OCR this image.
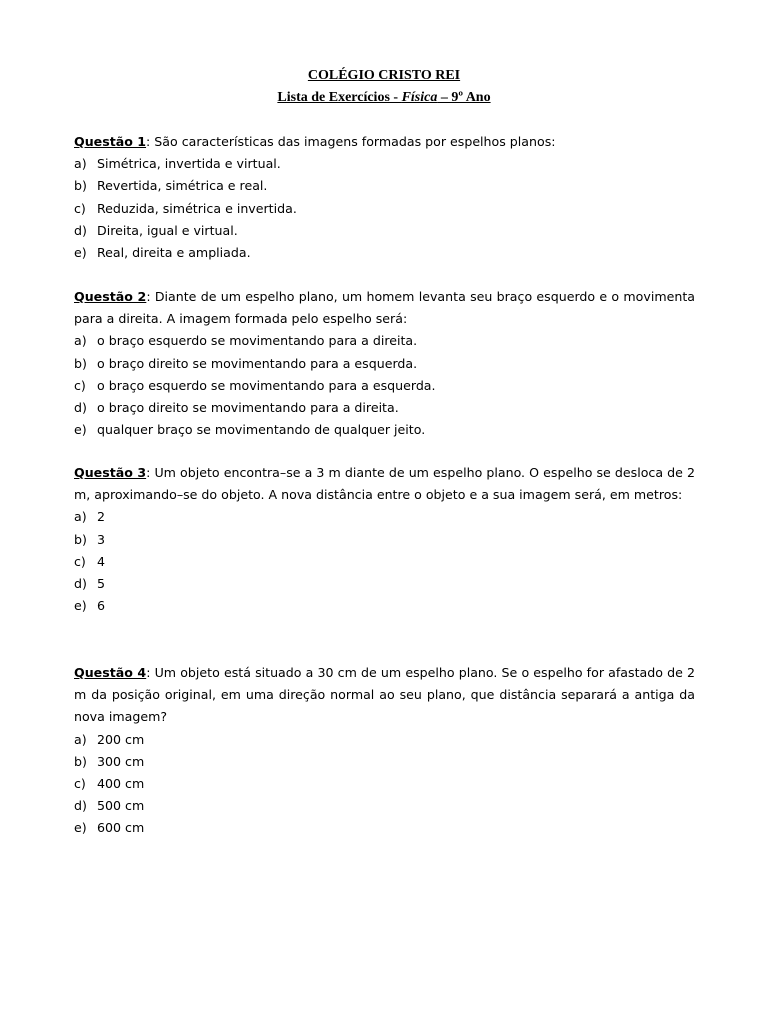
COLÉGIO CRISTO REI
Lista de Exercícios - Física – 9º Ano

Questão 1: São características das imagens formadas por espelhos planos:

a) Simétrica, invertida e virtual.
b) Revertida, simétrica e real.
c) Reduzida, simétrica e invertida.
d) Direita, igual e virtual.
e) Real, direita e ampliada.

Questão 2: Diante de um espelho plano, um homem levanta seu braço esquerdo e o movimenta para a direita. A imagem formada pelo espelho será:

a) o braço esquerdo se movimentando para a direita.
b) o braço direito se movimentando para a esquerda.
c) o braço esquerdo se movimentando para a esquerda.
d) o braço direito se movimentando para a direita.
e) qualquer braço se movimentando de qualquer jeito.

Questão 3: Um objeto encontra–se a 3 m diante de um espelho plano. O espelho se desloca de 2 m, aproximando–se do objeto. A nova distância entre o objeto e a sua imagem será, em metros:

a) 2
b) 3
c) 4
d) 5
e) 6

Questão 4: Um objeto está situado a 30 cm de um espelho plano. Se o espelho for afastado de 2 m da posição original, em uma direção normal ao seu plano, que distância separará a antiga da nova imagem?

a) 200 cm
b) 300 cm
c) 400 cm
d) 500 cm
e) 600 cm
